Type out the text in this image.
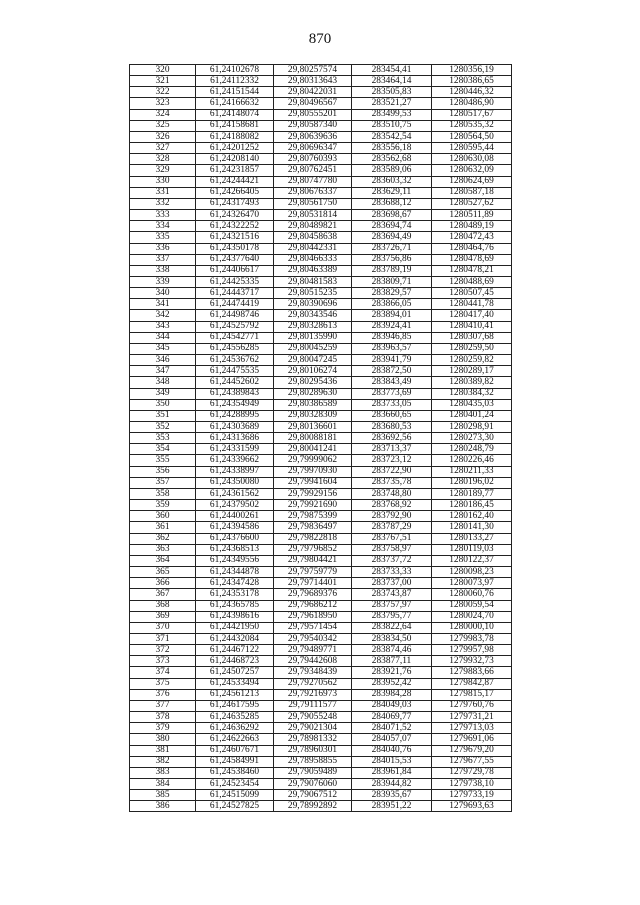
870
320	61,24102678	29,80257574	283454,41	1280356,19
321	61,24112332	29,80313643	283464,14	1280386,65
322	61,24151544	29,80422031	283505,83	1280446,32
323	61,24166632	29,80496567	283521,27	1280486,90
324	61,24148074	29,80555201	283499,53	1280517,67
325	61,24158681	29,80587340	283510,75	1280535,32
326	61,24188082	29,80639636	283542,54	1280564,50
327	61,24201252	29,80696347	283556,18	1280595,44
328	61,24208140	29,80760393	283562,68	1280630,08
329	61,24231857	29,80762451	283589,06	1280632,09
330	61,24244421	29,80747780	283603,32	1280624,69
331	61,24266405	29,80676337	283629,11	1280587,18
332	61,24317493	29,80561750	283688,12	1280527,62
333	61,24326470	29,80531814	283698,67	1280511,89
334	61,24322252	29,80489821	283694,74	1280489,19
335	61,24321516	29,80458638	283694,49	1280472,43
336	61,24350178	29,80442331	283726,71	1280464,76
337	61,24377640	29,80466333	283756,86	1280478,69
338	61,24406617	29,80463389	283789,19	1280478,21
339	61,24425335	29,80481583	283809,71	1280488,69
340	61,24443717	29,80515235	283829,57	1280507,45
341	61,24474419	29,80390696	283866,05	1280441,78
342	61,24498746	29,80343546	283894,01	1280417,40
343	61,24525792	29,80328613	283924,41	1280410,41
344	61,24542771	29,80135990	283946,85	1280307,68
345	61,24556285	29,80045259	283963,57	1280259,50
346	61,24536762	29,80047245	283941,79	1280259,82
347	61,24475535	29,80106274	283872,50	1280289,17
348	61,24452602	29,80295436	283843,49	1280389,82
349	61,24389843	29,80289630	283773,69	1280384,32
350	61,24354949	29,80386589	283733,05	1280435,03
351	61,24288995	29,80328309	283660,65	1280401,24
352	61,24303689	29,80136601	283680,53	1280298,91
353	61,24313686	29,80088181	283692,56	1280273,30
354	61,24331599	29,80041241	283713,37	1280248,79
355	61,24339662	29,79999062	283723,12	1280226,46
356	61,24338997	29,79970930	283722,90	1280211,33
357	61,24350080	29,79941604	283735,78	1280196,02
358	61,24361562	29,79929156	283748,80	1280189,77
359	61,24379502	29,79921690	283768,92	1280186,45
360	61,24400261	29,79875399	283792,90	1280162,40
361	61,24394586	29,79836497	283787,29	1280141,30
362	61,24376600	29,79822818	283767,51	1280133,27
363	61,24368513	29,79796852	283758,97	1280119,03
364	61,24349556	29,79804421	283737,72	1280122,37
365	61,24344878	29,79759779	283733,33	1280098,23
366	61,24347428	29,79714401	283737,00	1280073,97
367	61,24353178	29,79689376	283743,87	1280060,76
368	61,24365785	29,79686212	283757,97	1280059,54
369	61,24398616	29,79618950	283795,77	1280024,70
370	61,24421950	29,79571454	283822,64	1280000,10
371	61,24432084	29,79540342	283834,50	1279983,78
372	61,24467122	29,79489771	283874,46	1279957,98
373	61,24468723	29,79442608	283877,11	1279932,73
374	61,24507257	29,79348439	283921,76	1279883,66
375	61,24533494	29,79270562	283952,42	1279842,87
376	61,24561213	29,79216973	283984,28	1279815,17
377	61,24617595	29,79111577	284049,03	1279760,76
378	61,24635285	29,79055248	284069,77	1279731,21
379	61,24636292	29,79021304	284071,52	1279713,03
380	61,24622663	29,78981332	284057,07	1279691,06
381	61,24607671	29,78960301	284040,76	1279679,20
382	61,24584991	29,78958855	284015,53	1279677,55
383	61,24538460	29,79059489	283961,84	1279729,78
384	61,24523454	29,79076060	283944,82	1279738,10
385	61,24515099	29,79067512	283935,67	1279733,19
386	61,24527825	29,78992892	283951,22	1279693,63
